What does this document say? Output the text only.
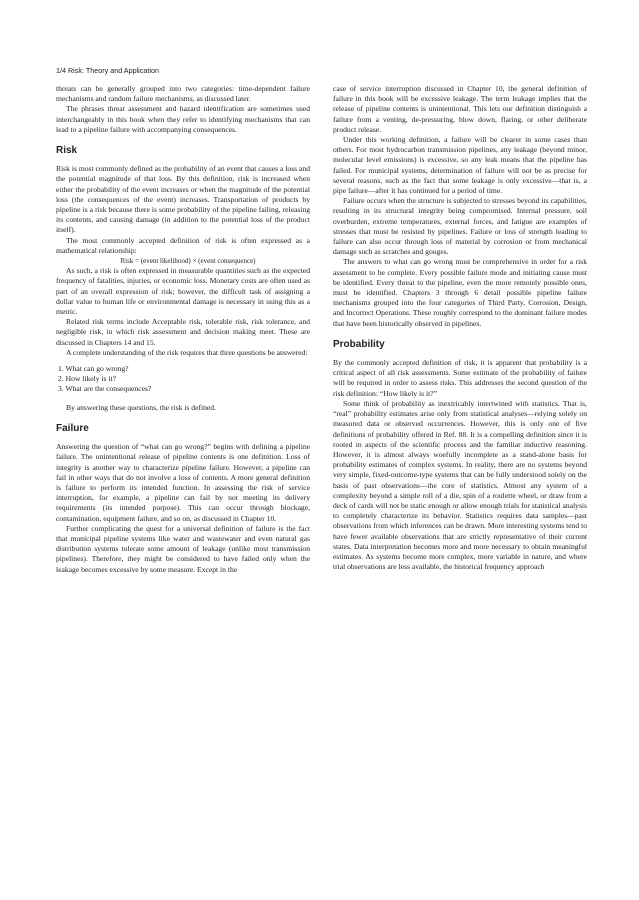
1/4 Risk: Theory and Application

threats can be generally grouped into two categories: time-dependent failure mechanisms and random failure mechanisms, as discussed later.

The phrases threat assessment and hazard identification are sometimes used interchangeably in this book when they refer to identifying mechanisms that can lead to a pipeline failure with accompanying consequences.

Risk

Risk is most commonly defined as the probability of an event that causes a loss and the potential magnitude of that loss. By this definition, risk is increased when either the probability of the event increases or when the magnitude of the potential loss (the consequences of the event) increases. Transportation of products by pipeline is a risk because there is some probability of the pipeline failing, releasing its contents, and causing damage (in addition to the potential loss of the product itself).

The most commonly accepted definition of risk is often expressed as a mathematical relationship:

Risk = (event likelihood) × (event consequence)

As such, a risk is often expressed in measurable quantities such as the expected frequency of fatalities, injuries, or economic loss. Monetary costs are often used as part of an overall expression of risk; however, the difficult task of assigning a dollar value to human life or environmental damage is necessary in using this as a metric.

Related risk terms include Acceptable risk, tolerable risk, risk tolerance, and negligible risk, in which risk assessment and decision making meet. These are discussed in Chapters 14 and 15.

A complete understanding of the risk requires that three questions be answered:

1. What can go wrong?
2. How likely is it?
3. What are the consequences?

By answering these questions, the risk is defined.

Failure

Answering the question of “what can go wrong?” begins with defining a pipeline failure. The unintentional release of pipeline contents is one definition. Loss of integrity is another way to characterize pipeline failure. However, a pipeline can fail in other ways that do not involve a loss of contents. A more general definition is failure to perform its intended function. In assessing the risk of service interruption, for example, a pipeline can fail by not meeting its delivery requirements (its intended purpose). This can occur through blockage, contamination, equipment failure, and so on, as discussed in Chapter 10.

Further complicating the quest for a universal definition of failure is the fact that municipal pipeline systems like water and wastewater and even natural gas distribution systems tolerate some amount of leakage (unlike most transmission pipelines). Therefore, they might be considered to have failed only when the leakage becomes excessive by some measure. Except in the

case of service interruption discussed in Chapter 10, the general definition of failure in this book will be excessive leakage. The term leakage implies that the release of pipeline contents is unintentional. This lets our definition distinguish a failure from a venting, de-pressuring, blow down, flaring, or other deliberate product release.

Under this working definition, a failure will be clearer in some cases than others. For most hydrocarbon transmission pipelines, any leakage (beyond minor, molecular level emissions) is excessive, so any leak means that the pipeline has failed. For municipal systems, determination of failure will not be as precise for several reasons, such as the fact that some leakage is only excessive—that is, a pipe failure—after it has continued for a period of time.

Failure occurs when the structure is subjected to stresses beyond its capabilities, resulting in its structural integrity being compromised. Internal pressure, soil overburden, extreme temperatures, external forces, and fatigue are examples of stresses that must be resisted by pipelines. Failure or loss of strength leading to failure can also occur through loss of material by corrosion or from mechanical damage such as scratches and gouges.

The answers to what can go wrong must be comprehensive in order for a risk assessment to be complete. Every possible failure mode and initiating cause must be identified. Every threat to the pipeline, even the more remotely possible ones, must be identified. Chapters 3 through 6 detail possible pipeline failure mechanisms grouped into the four categories of Third Party, Corrosion, Design, and Incorrect Operations. These roughly correspond to the dominant failure modes that have been historically observed in pipelines.

Probability

By the commonly accepted definition of risk, it is apparent that probability is a critical aspect of all risk assessments. Some estimate of the probability of failure will be required in order to assess risks. This addresses the second question of the risk definition: “How likely is it?”

Some think of probability as inextricably intertwined with statistics. That is, “real” probability estimates arise only from statistical analyses—relying solely on measured data or observed occurrences. However, this is only one of five definitions of probability offered in Ref. 88. It is a compelling definition since it is rooted in aspects of the scientific process and the familiar inductive reasoning. However, it is almost always woefully incomplete as a stand-alone basis for probability estimates of complex systems. In reality, there are no systems beyond very simple, fixed-outcome-type systems that can be fully understood solely on the basis of past observations—the core of statistics. Almost any system of a complexity beyond a simple roll of a die, spin of a roulette wheel, or draw from a deck of cards will not be static enough or allow enough trials for statistical analysis to completely characterize its behavior. Statistics requires data samples—past observations from which inferences can be drawn. More interesting systems tend to have fewer available observations that are strictly representative of their current states. Data interpretation becomes more and more necessary to obtain meaningful estimates. As systems become more complex, more variable in nature, and where trial observations are less available, the historical frequency approach
